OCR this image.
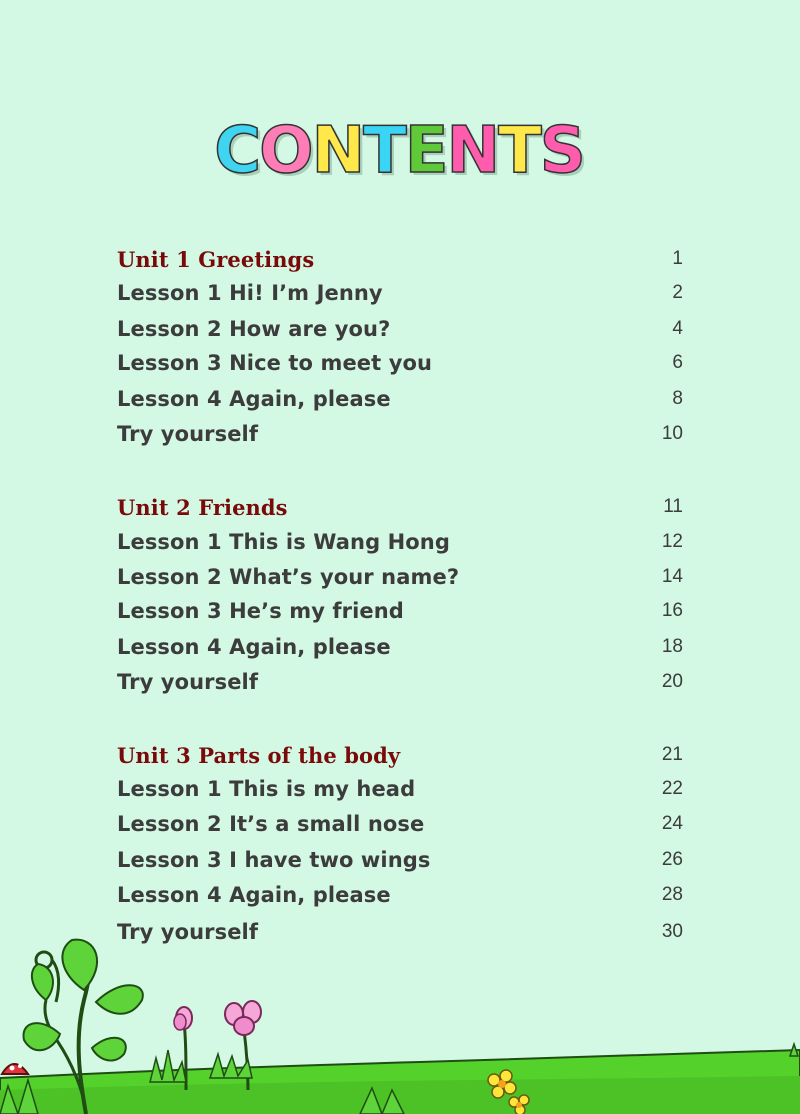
C
O
N
T
E
N
T
S
Unit 1 Greetings	1
Lesson 1 Hi! I’m Jenny	2
Lesson 2 How are you?	4
Lesson 3 Nice to meet you	6
Lesson 4 Again, please	8
Try yourself	10
Unit 2 Friends	11
Lesson 1 This is Wang Hong	12
Lesson 2 What’s your name?	14
Lesson 3 He’s my friend	16
Lesson 4 Again, please	18
Try yourself	20
Unit 3 Parts of the body	21
Lesson 1 This is my head	22
Lesson 2 It’s a small nose	24
Lesson 3 I have two wings	26
Lesson 4 Again, please	28
Try yourself	30
